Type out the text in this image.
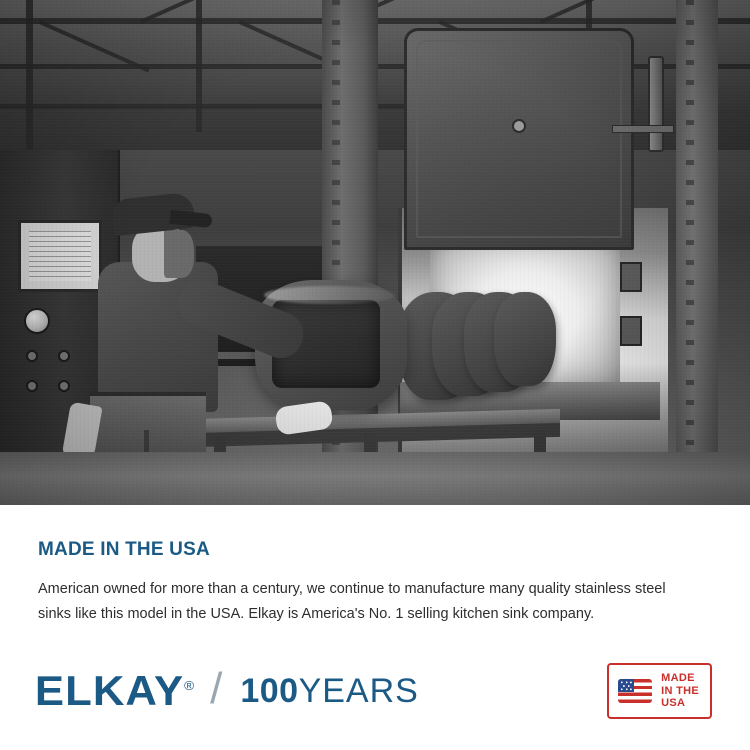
MADE IN THE USA

American owned for more than a century, we continue to manufacture many quality stainless steel sinks like this model in the USA. Elkay is America's No. 1 selling kitchen sink company.

ELKAY® / 100YEARS	MADE
IN THE
USA
